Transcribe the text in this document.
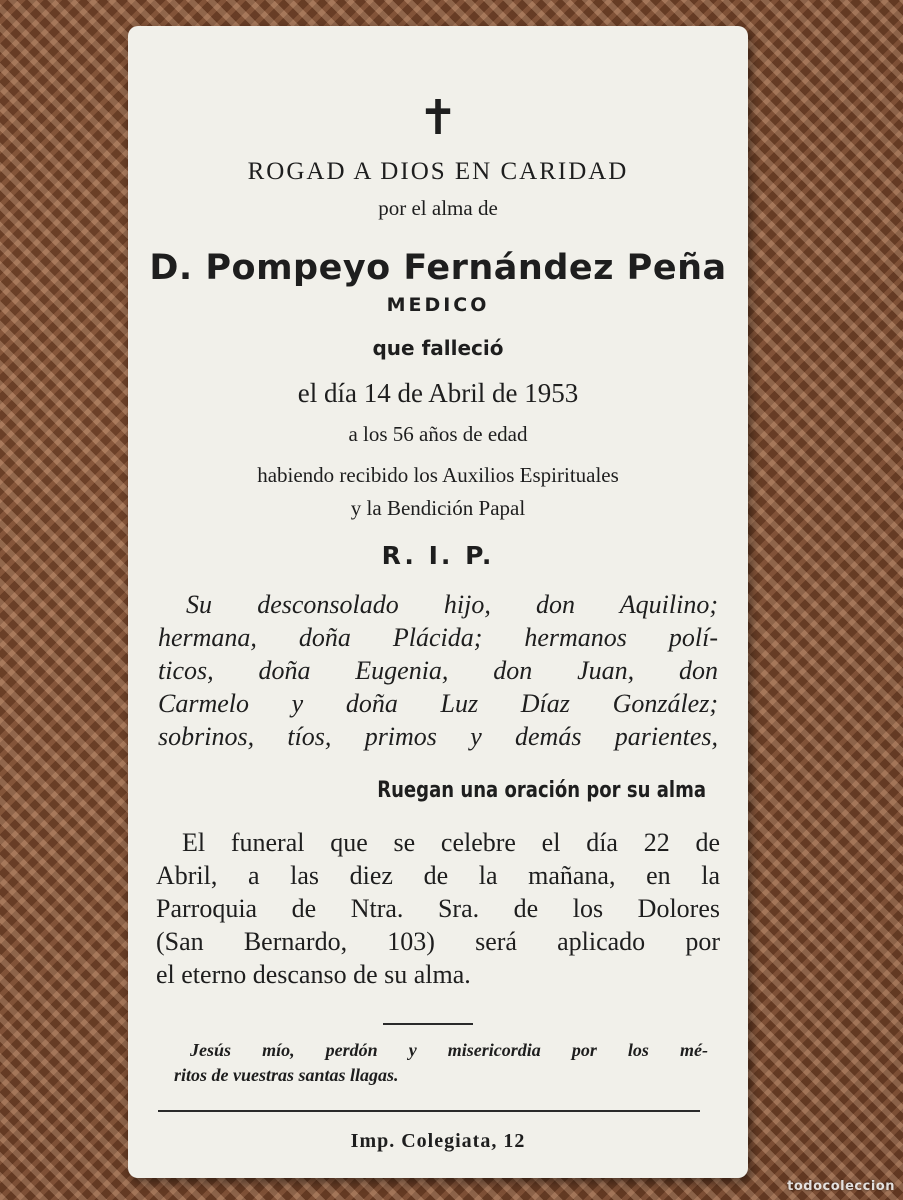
✝
ROGAD A DIOS EN CARIDAD
por el alma de
D. Pompeyo Fernández Peña
MEDICO
que falleció
el día 14 de Abril de 1953
a los 56 años de edad
habiendo recibido los Auxilios Espirituales
y la Bendición Papal
R. I. P.
Su desconsolado hijo, don Aquilino;
hermana, doña Plácida; hermanos polí-
ticos, doña Eugenia, don Juan, don
Carmelo y doña Luz Díaz González;
sobrinos, tíos, primos y demás parientes,
Ruegan una oración por su alma
El funeral que se celebre el día 22 de
Abril, a las diez de la mañana, en la
Parroquia de Ntra. Sra. de los Dolores
(San Bernardo, 103) será aplicado por
el eterno descanso de su alma.
Jesús mío, perdón y misericordia por los mé-
ritos de vuestras santas llagas.
Imp. Colegiata, 12
todocoleccion
